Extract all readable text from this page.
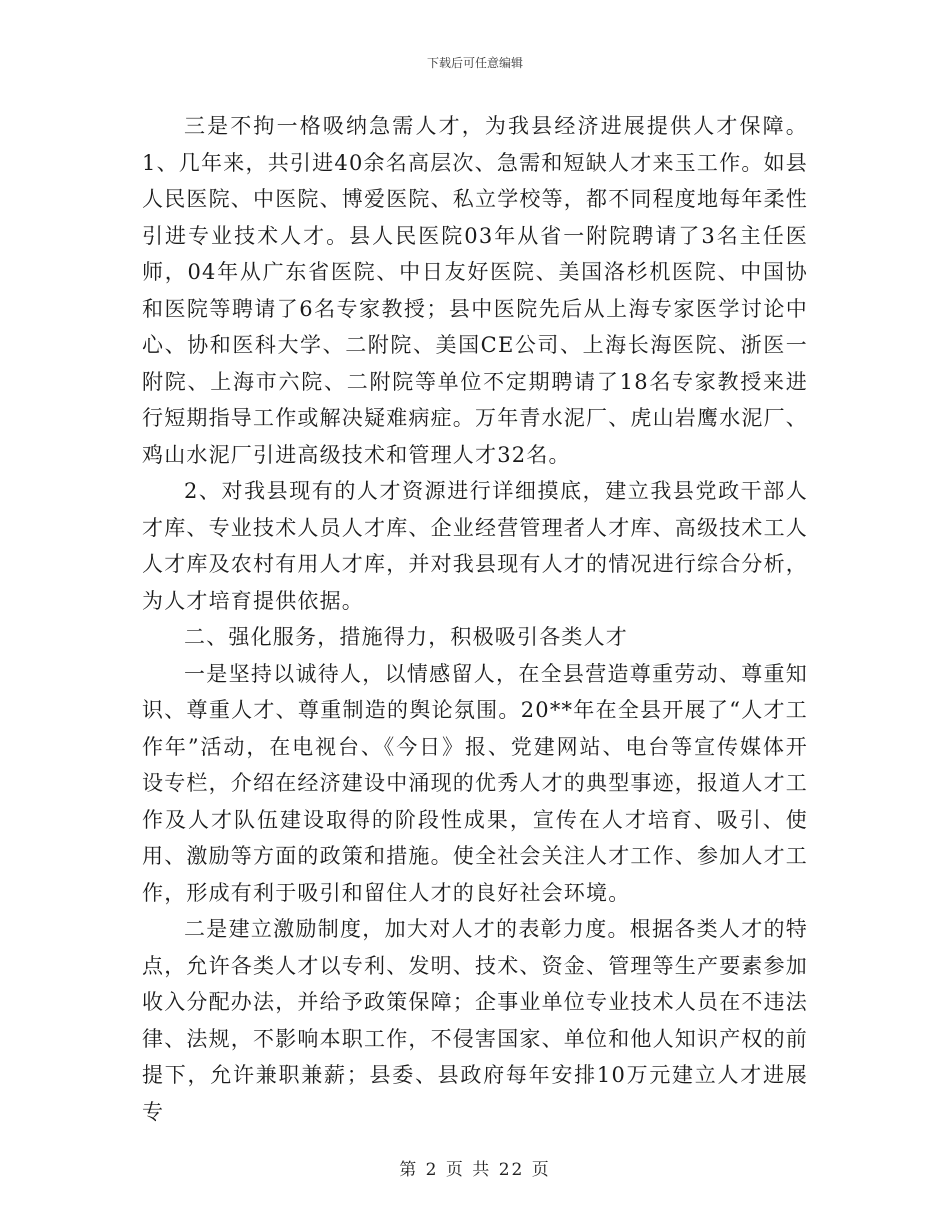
下载后可任意编辑

三是不拘一格吸纳急需人才，为我县经济进展提供人才保障。1、几年来，共引进40余名高层次、急需和短缺人才来玉工作。如县人民医院、中医院、博爱医院、私立学校等，都不同程度地每年柔性引进专业技术人才。县人民医院03年从省一附院聘请了3名主任医师，04年从广东省医院、中日友好医院、美国洛杉机医院、中国协和医院等聘请了6名专家教授；县中医院先后从上海专家医学讨论中心、协和医科大学、二附院、美国CE公司、上海长海医院、浙医一附院、上海市六院、二附院等单位不定期聘请了18名专家教授来进行短期指导工作或解决疑难病症。万年青水泥厂、虎山岩鹰水泥厂、鸡山水泥厂引进高级技术和管理人才32名。

2、对我县现有的人才资源进行详细摸底，建立我县党政干部人才库、专业技术人员人才库、企业经营管理者人才库、高级技术工人人才库及农村有用人才库，并对我县现有人才的情况进行综合分析，为人才培育提供依据。

二、强化服务，措施得力，积极吸引各类人才

一是坚持以诚待人，以情感留人，在全县营造尊重劳动、尊重知识、尊重人才、尊重制造的舆论氛围。20**年在全县开展了“人才工作年”活动，在电视台、《今日》报、党建网站、电台等宣传媒体开设专栏，介绍在经济建设中涌现的优秀人才的典型事迹，报道人才工作及人才队伍建设取得的阶段性成果，宣传在人才培育、吸引、使用、激励等方面的政策和措施。使全社会关注人才工作、参加人才工作，形成有利于吸引和留住人才的良好社会环境。

二是建立激励制度，加大对人才的表彰力度。根据各类人才的特点，允许各类人才以专利、发明、技术、资金、管理等生产要素参加收入分配办法，并给予政策保障；企事业单位专业技术人员在不违法律、法规，不影响本职工作，不侵害国家、单位和他人知识产权的前提下，允许兼职兼薪；县委、县政府每年安排10万元建立人才进展专

第 2 页 共 22 页
